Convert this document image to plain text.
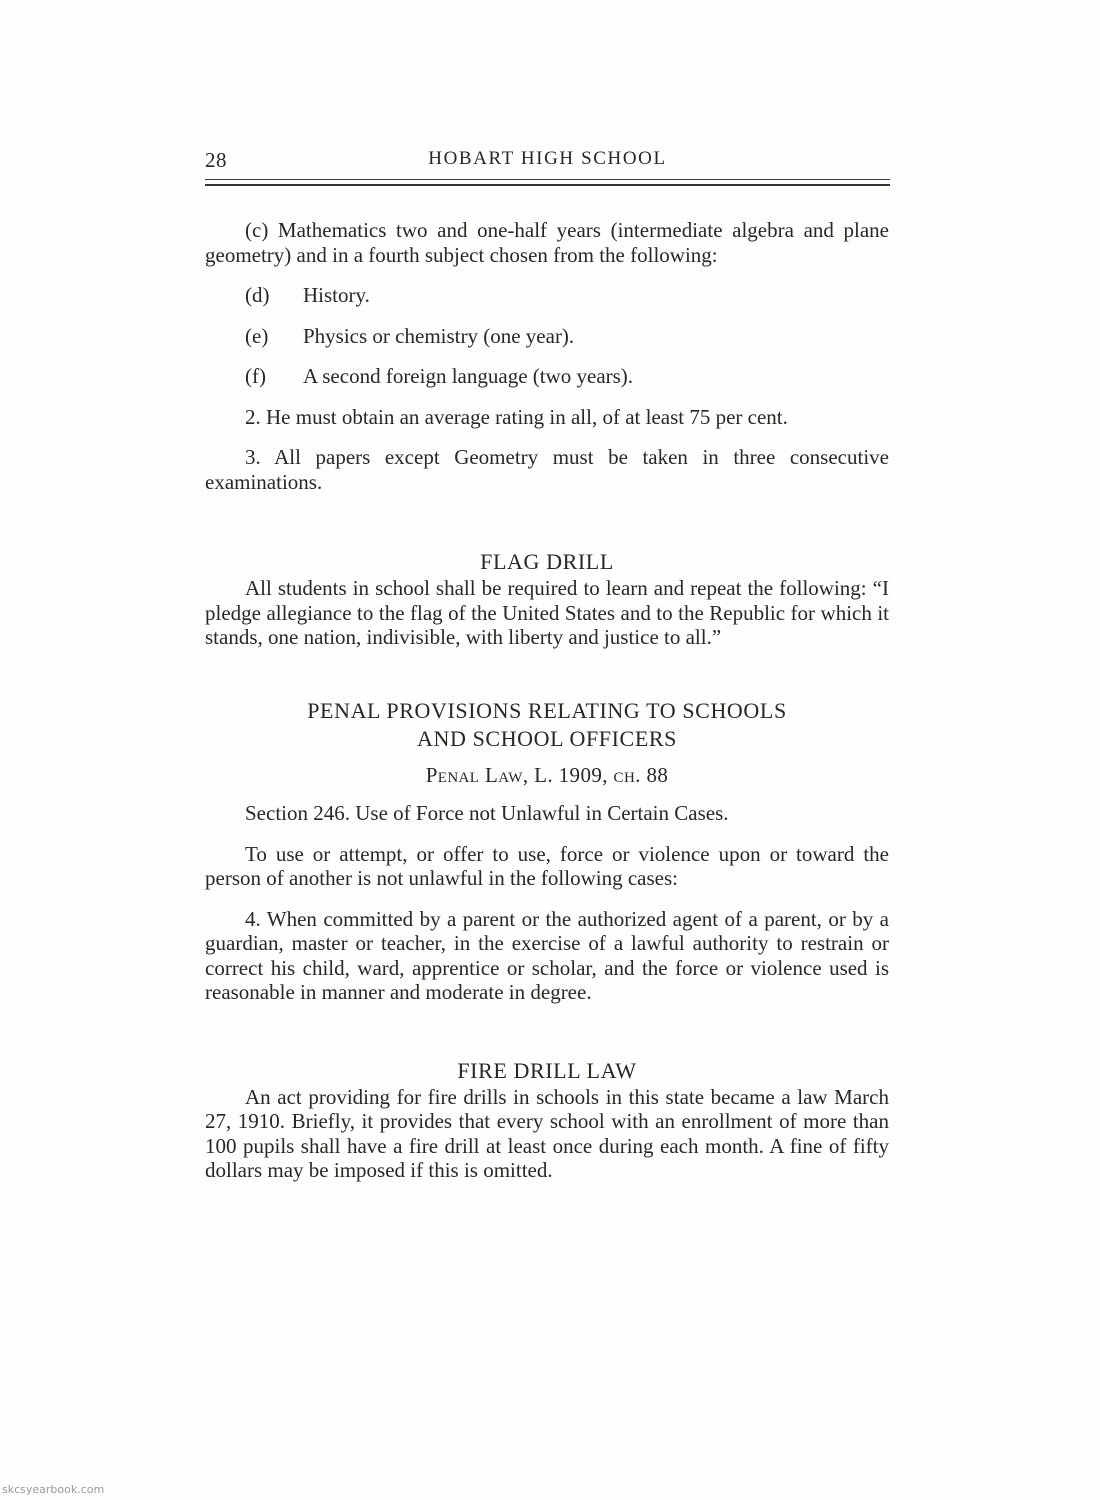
28	HOBART HIGH SCHOOL

(c) Mathematics two and one-half years (intermediate algebra and plane geometry) and in a fourth subject chosen from the following:

(d) History.

(e) Physics or chemistry (one year).

(f) A second foreign language (two years).

2. He must obtain an average rating in all, of at least 75 per cent.

3. All papers except Geometry must be taken in three consecutive examinations.

FLAG DRILL

All students in school shall be required to learn and repeat the following: “I pledge allegiance to the flag of the United States and to the Republic for which it stands, one nation, indivisible, with liberty and justice to all.”

PENAL PROVISIONS RELATING TO SCHOOLS
AND SCHOOL OFFICERS
Penal Law, L. 1909, ch. 88

Section 246. Use of Force not Unlawful in Certain Cases.

To use or attempt, or offer to use, force or violence upon or toward the person of another is not unlawful in the following cases:

4. When committed by a parent or the authorized agent of a parent, or by a guardian, master or teacher, in the exercise of a lawful authority to restrain or correct his child, ward, apprentice or scholar, and the force or violence used is reasonable in manner and moderate in degree.

FIRE DRILL LAW

An act providing for fire drills in schools in this state became a law March 27, 1910. Briefly, it provides that every school with an enrollment of more than 100 pupils shall have a fire drill at least once during each month. A fine of fifty dollars may be imposed if this is omitted.

skcsyearbook.com
